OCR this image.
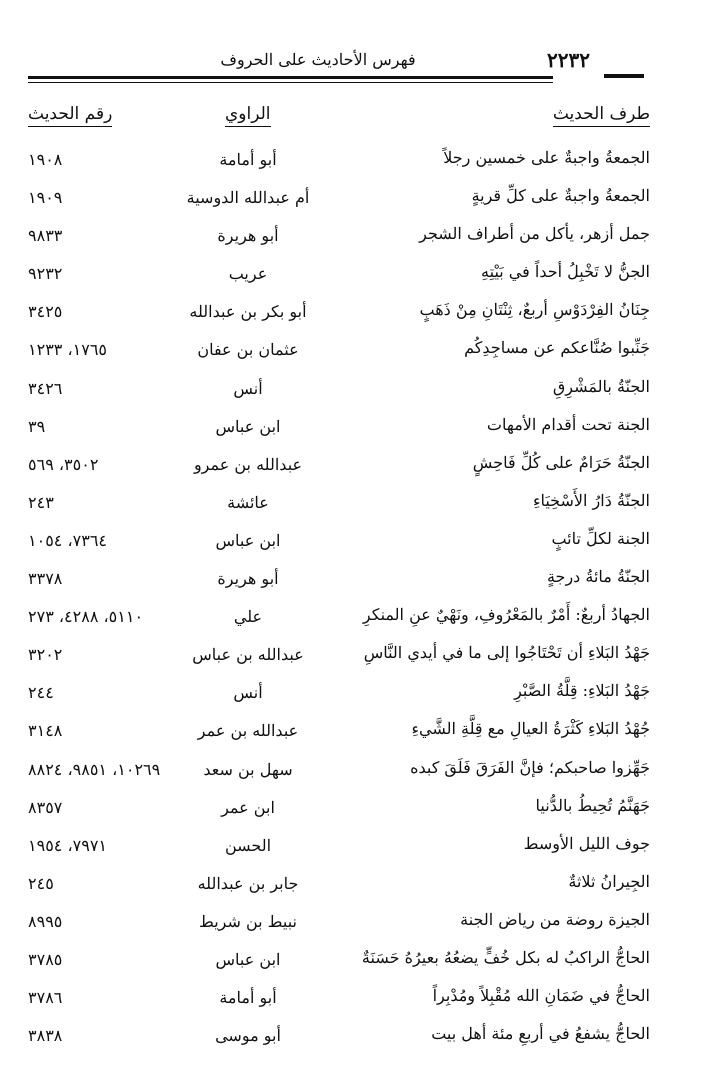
فهرس الأحاديث على الحروف	٢٢٣٢
طرف الحديث
الراوي
رقم الحديث
الجمعةُ واجبةٌ على خمسين رجلاً
أبو أمامة
١٩٠٨
الجمعةُ واجبةٌ على كلِّ قريةٍ
أم عبدالله الدوسية
١٩٠٩
جمل أزهر، يأكل من أطراف الشجر
أبو هريرة
٩٨٣٣
الجنُّ لا تَخْبِلُ أحداً في بَيْتِهِ
عريب
٩٢٣٢
جِنَانُ الفِرْدَوْسِ أربعٌ، ثِنْتَانِ مِنْ ذَهَبٍ
أبو بكر بن عبدالله
٣٤٢٥
جَنِّبوا صُنَّاعكم عن مساجِدِكُم
عثمان بن عفان
١٧٦٥، ١٢٣٣
الجنّةُ بالمَشْرِقِ
أنس
٣٤٢٦
الجنة تحت أقدام الأمهات
ابن عباس
٣٩
الجنّةُ حَرَامٌ على كُلِّ فَاحِشٍ
عبدالله بن عمرو
٣٥٠٢، ٥٦٩
الجنّةُ دَارُ الأَسْخِيَاءِ
عائشة
٢٤٣
الجنة لكلِّ تائبٍ
ابن عباس
٧٣٦٤، ١٠٥٤
الجنّةُ مائةُ درجةٍ
أبو هريرة
٣٣٧٨
الجهادُ أربعٌ: أَمْرٌ بالمَعْرُوفِ، ونَهْيٌ عنِ المنكرِ
علي
٥١١٠، ٤٢٨٨، ٢٧٣
جَهْدُ البَلاءِ أن تَحْتَاجُوا إلى ما في أيدي النَّاسِ
عبدالله بن عباس
٣٢٠٢
جَهْدُ البَلاءِ: قِلَّةُ الصَّبْرِ
أنس
٢٤٤
جُهْدُ البَلاءِ كَثْرَةُ العيالِ مع قِلَّةِ الشَّيءِ
عبدالله بن عمر
٣١٤٨
جَهِّزوا صاحبكم؛ فإنَّ الفَرَقَ فَلَقَ كبده
سهل بن سعد
١٠٢٦٩، ٩٨٥١، ٨٨٢٤
جَهَنَّمُ تُحِيطُ بالدُّنيا
ابن عمر
٨٣٥٧
جوف الليل الأوسط
الحسن
٧٩٧١، ١٩٥٤
الجِيرانُ ثلاثةٌ
جابر بن عبدالله
٢٤٥
الجيزة روضة من رياض الجنة
نبيط بن شريط
٨٩٩٥
الحاجُّ الراكبُ له بكل خُفٍّ يضعُهُ بعيرُهُ حَسَنَةٌ
ابن عباس
٣٧٨٥
الحاجُّ في ضَمَانِ الله مُقْبِلاً ومُدْبِراً
أبو أمامة
٣٧٨٦
الحاجُّ يشفعُ في أربعِ مئة أهل بيت
أبو موسى
٣٨٣٨
